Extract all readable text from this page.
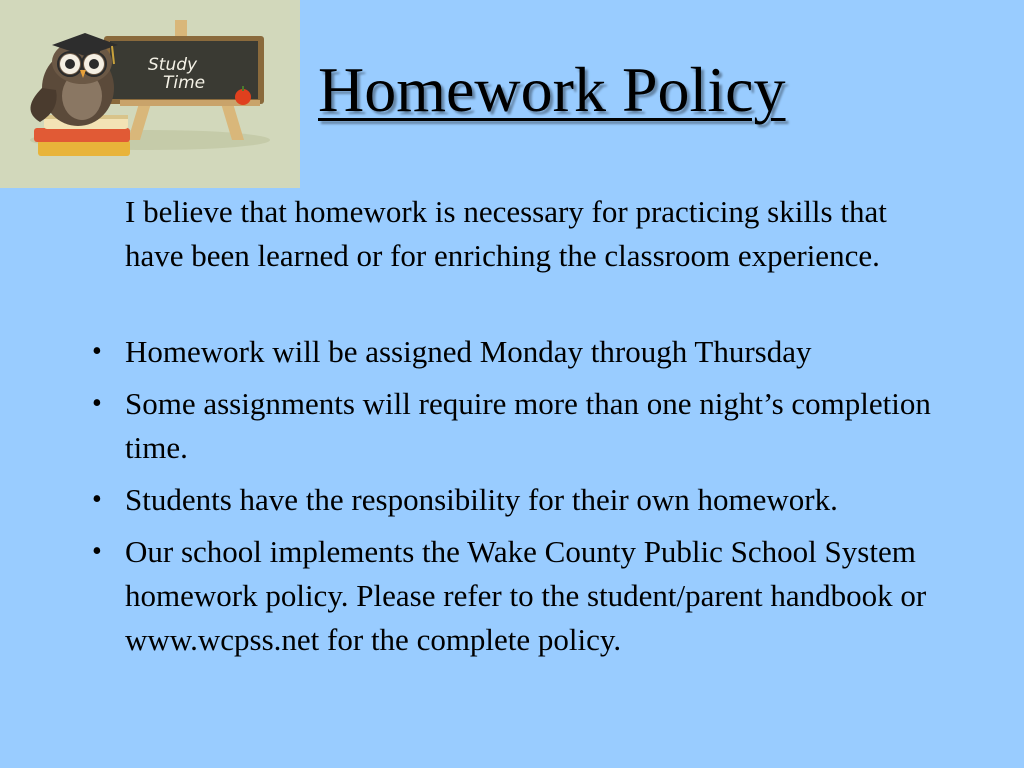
Study
Time Homework Policy
I believe that homework is necessary for practicing skills that have been learned or for enriching the classroom experience.
• Homework will be assigned Monday through Thursday
• Some assignments will require more than one night’s completion time.
• Students have the responsibility for their own homework.
• Our school implements the Wake County Public School System homework policy. Please refer to the student/parent handbook or www.wcpss.net for the complete policy.
